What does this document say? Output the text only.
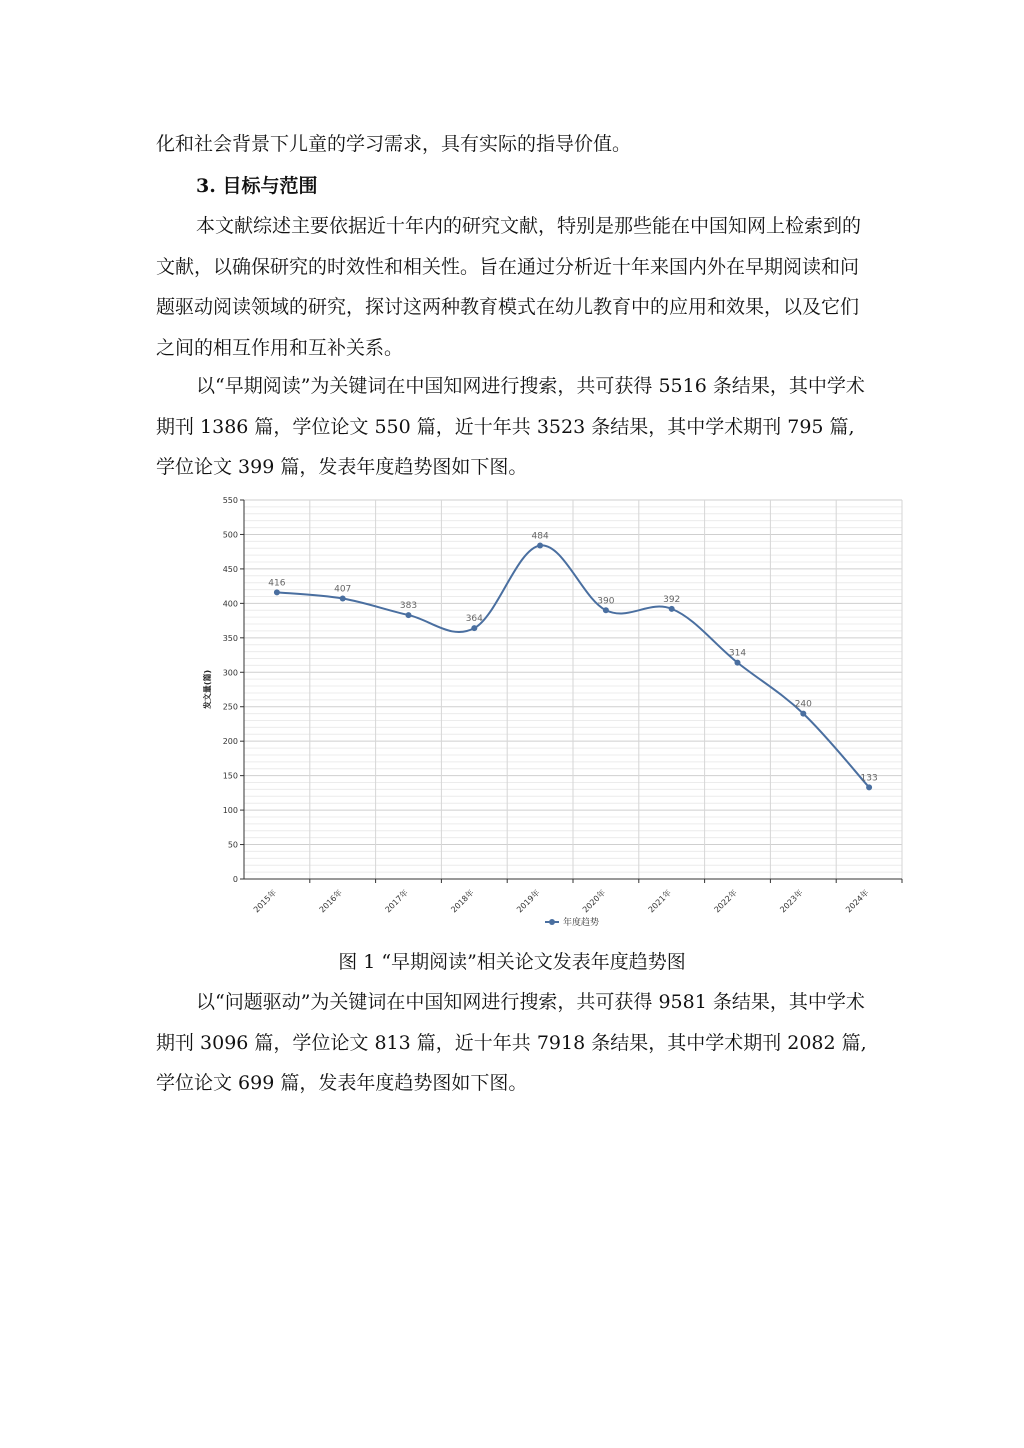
化和社会背景下儿童的学习需求，具有实际的指导价值。

3. 目标与范围

本文献综述主要依据近十年内的研究文献，特别是那些能在中国知网上检索到的文献，以确保研究的时效性和相关性。旨在通过分析近十年来国内外在早期阅读和问题驱动阅读领域的研究，探讨这两种教育模式在幼儿教育中的应用和效果，以及它们之间的相互作用和互补关系。

以“早期阅读”为关键词在中国知网进行搜索，共可获得 5516 条结果，其中学术期刊 1386 篇，学位论文 550 篇，近十年共 3523 条结果，其中学术期刊 795 篇,学位论文 399 篇，发表年度趋势图如下图。

0
50
100
150
200
250
300
350
400
450
500
550
2015年	2016年	2017年	2018年	2019年	2020年	2021年	2022年	2023年	2024年
发文量(篇)
416
407
383
364
484
390	392
314
240
133
年度趋势
图 1 “早期阅读”相关论文发表年度趋势图

以“问题驱动”为关键词在中国知网进行搜索，共可获得 9581 条结果，其中学术期刊 3096 篇，学位论文 813 篇，近十年共 7918 条结果，其中学术期刊 2082 篇,学位论文 699 篇，发表年度趋势图如下图。
